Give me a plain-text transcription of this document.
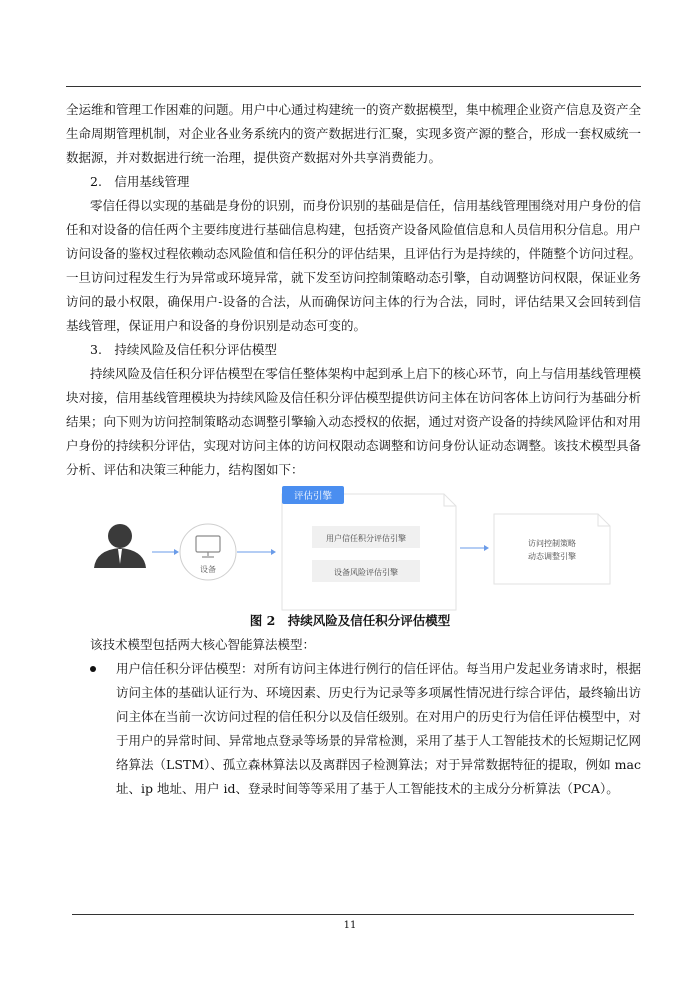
全运维和管理工作困难的问题。用户中心通过构建统一的资产数据模型，集中梳理企业资产信息及资产全
生命周期管理机制，对企业各业务系统内的资产数据进行汇聚，实现多资产源的整合，形成一套权威统一
数据源，并对数据进行统一治理，提供资产数据对外共享消费能力。
2.　信用基线管理
零信任得以实现的基础是身份的识别，而身份识别的基础是信任，信用基线管理围绕对用户身份的信
任和对设备的信任两个主要纬度进行基础信息构建，包括资产设备风险值信息和人员信用积分信息。用户
访问设备的鉴权过程依赖动态风险值和信任积分的评估结果，且评估行为是持续的，伴随整个访问过程。
一旦访问过程发生行为异常或环境异常，就下发至访问控制策略动态引擎，自动调整访问权限，保证业务
访问的最小权限，确保用户-设备的合法，从而确保访问主体的行为合法，同时，评估结果又会回转到信
基线管理，保证用户和设备的身份识别是动态可变的。
3.　持续风险及信任积分评估模型
持续风险及信任积分评估模型在零信任整体架构中起到承上启下的核心环节，向上与信用基线管理模
块对接，信用基线管理模块为持续风险及信任积分评估模型提供访问主体在访问客体上访问行为基础分析
结果；向下则为访问控制策略动态调整引擎输入动态授权的依据，通过对资产设备的持续风险评估和对用
户身份的持续积分评估，实现对访问主体的访问权限动态调整和访问身份认证动态调整。该技术模型具备
分析、评估和决策三种能力，结构图如下：
设备
评估引擎
用户信任积分评估引擎
设备风险评估引擎
访问控制策略
动态调整引擎
图 2　持续风险及信任积分评估模型
该技术模型包括两大核心智能算法模型：
用户信任积分评估模型：对所有访问主体进行例行的信任评估。每当用户发起业务请求时，根据
访问主体的基础认证行为、环境因素、历史行为记录等多项属性情况进行综合评估，最终输出访
问主体在当前一次访问过程的信任积分以及信任级别。在对用户的历史行为信任评估模型中，对
于用户的异常时间、异常地点登录等场景的异常检测，采用了基于人工智能技术的长短期记忆网
络算法（LSTM）、孤立森林算法以及离群因子检测算法；对于异常数据特征的提取，例如 mac
址、ip 地址、用户 id、登录时间等等采用了基于人工智能技术的主成分分析算法（PCA）。
11
